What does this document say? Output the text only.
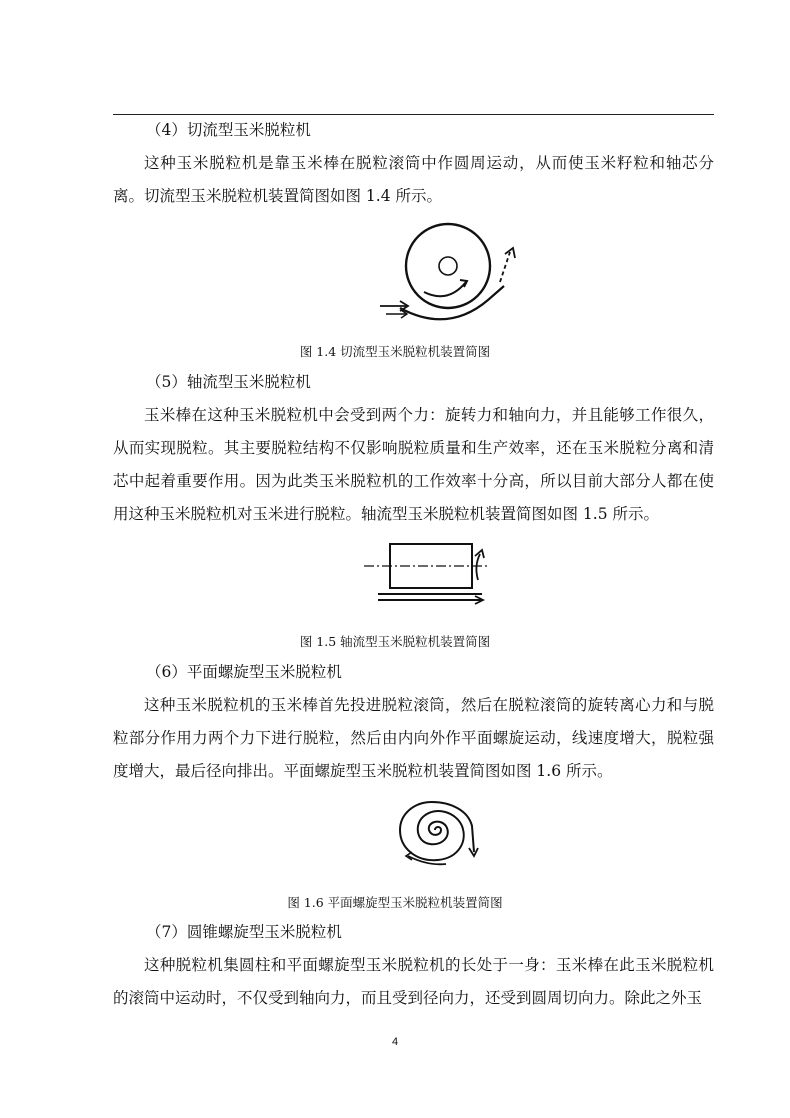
（4）切流型玉米脱粒机

这种玉米脱粒机是靠玉米棒在脱粒滚筒中作圆周运动，从而使玉米籽粒和轴芯分离。切流型玉米脱粒机装置简图如图 1.4 所示。

图 1.4 切流型玉米脱粒机装置简图

（5）轴流型玉米脱粒机

玉米棒在这种玉米脱粒机中会受到两个力：旋转力和轴向力，并且能够工作很久，从而实现脱粒。其主要脱粒结构不仅影响脱粒质量和生产效率，还在玉米脱粒分离和清芯中起着重要作用。因为此类玉米脱粒机的工作效率十分高，所以目前大部分人都在使用这种玉米脱粒机对玉米进行脱粒。轴流型玉米脱粒机装置简图如图 1.5 所示。

图 1.5 轴流型玉米脱粒机装置简图

（6）平面螺旋型玉米脱粒机

这种玉米脱粒机的玉米棒首先投进脱粒滚筒，然后在脱粒滚筒的旋转离心力和与脱粒部分作用力两个力下进行脱粒，然后由内向外作平面螺旋运动，线速度增大，脱粒强度增大，最后径向排出。平面螺旋型玉米脱粒机装置简图如图 1.6 所示。

图 1.6 平面螺旋型玉米脱粒机装置简图

（7）圆锥螺旋型玉米脱粒机

这种脱粒机集圆柱和平面螺旋型玉米脱粒机的长处于一身：玉米棒在此玉米脱粒机的滚筒中运动时，不仅受到轴向力，而且受到径向力，还受到圆周切向力。除此之外玉

4
